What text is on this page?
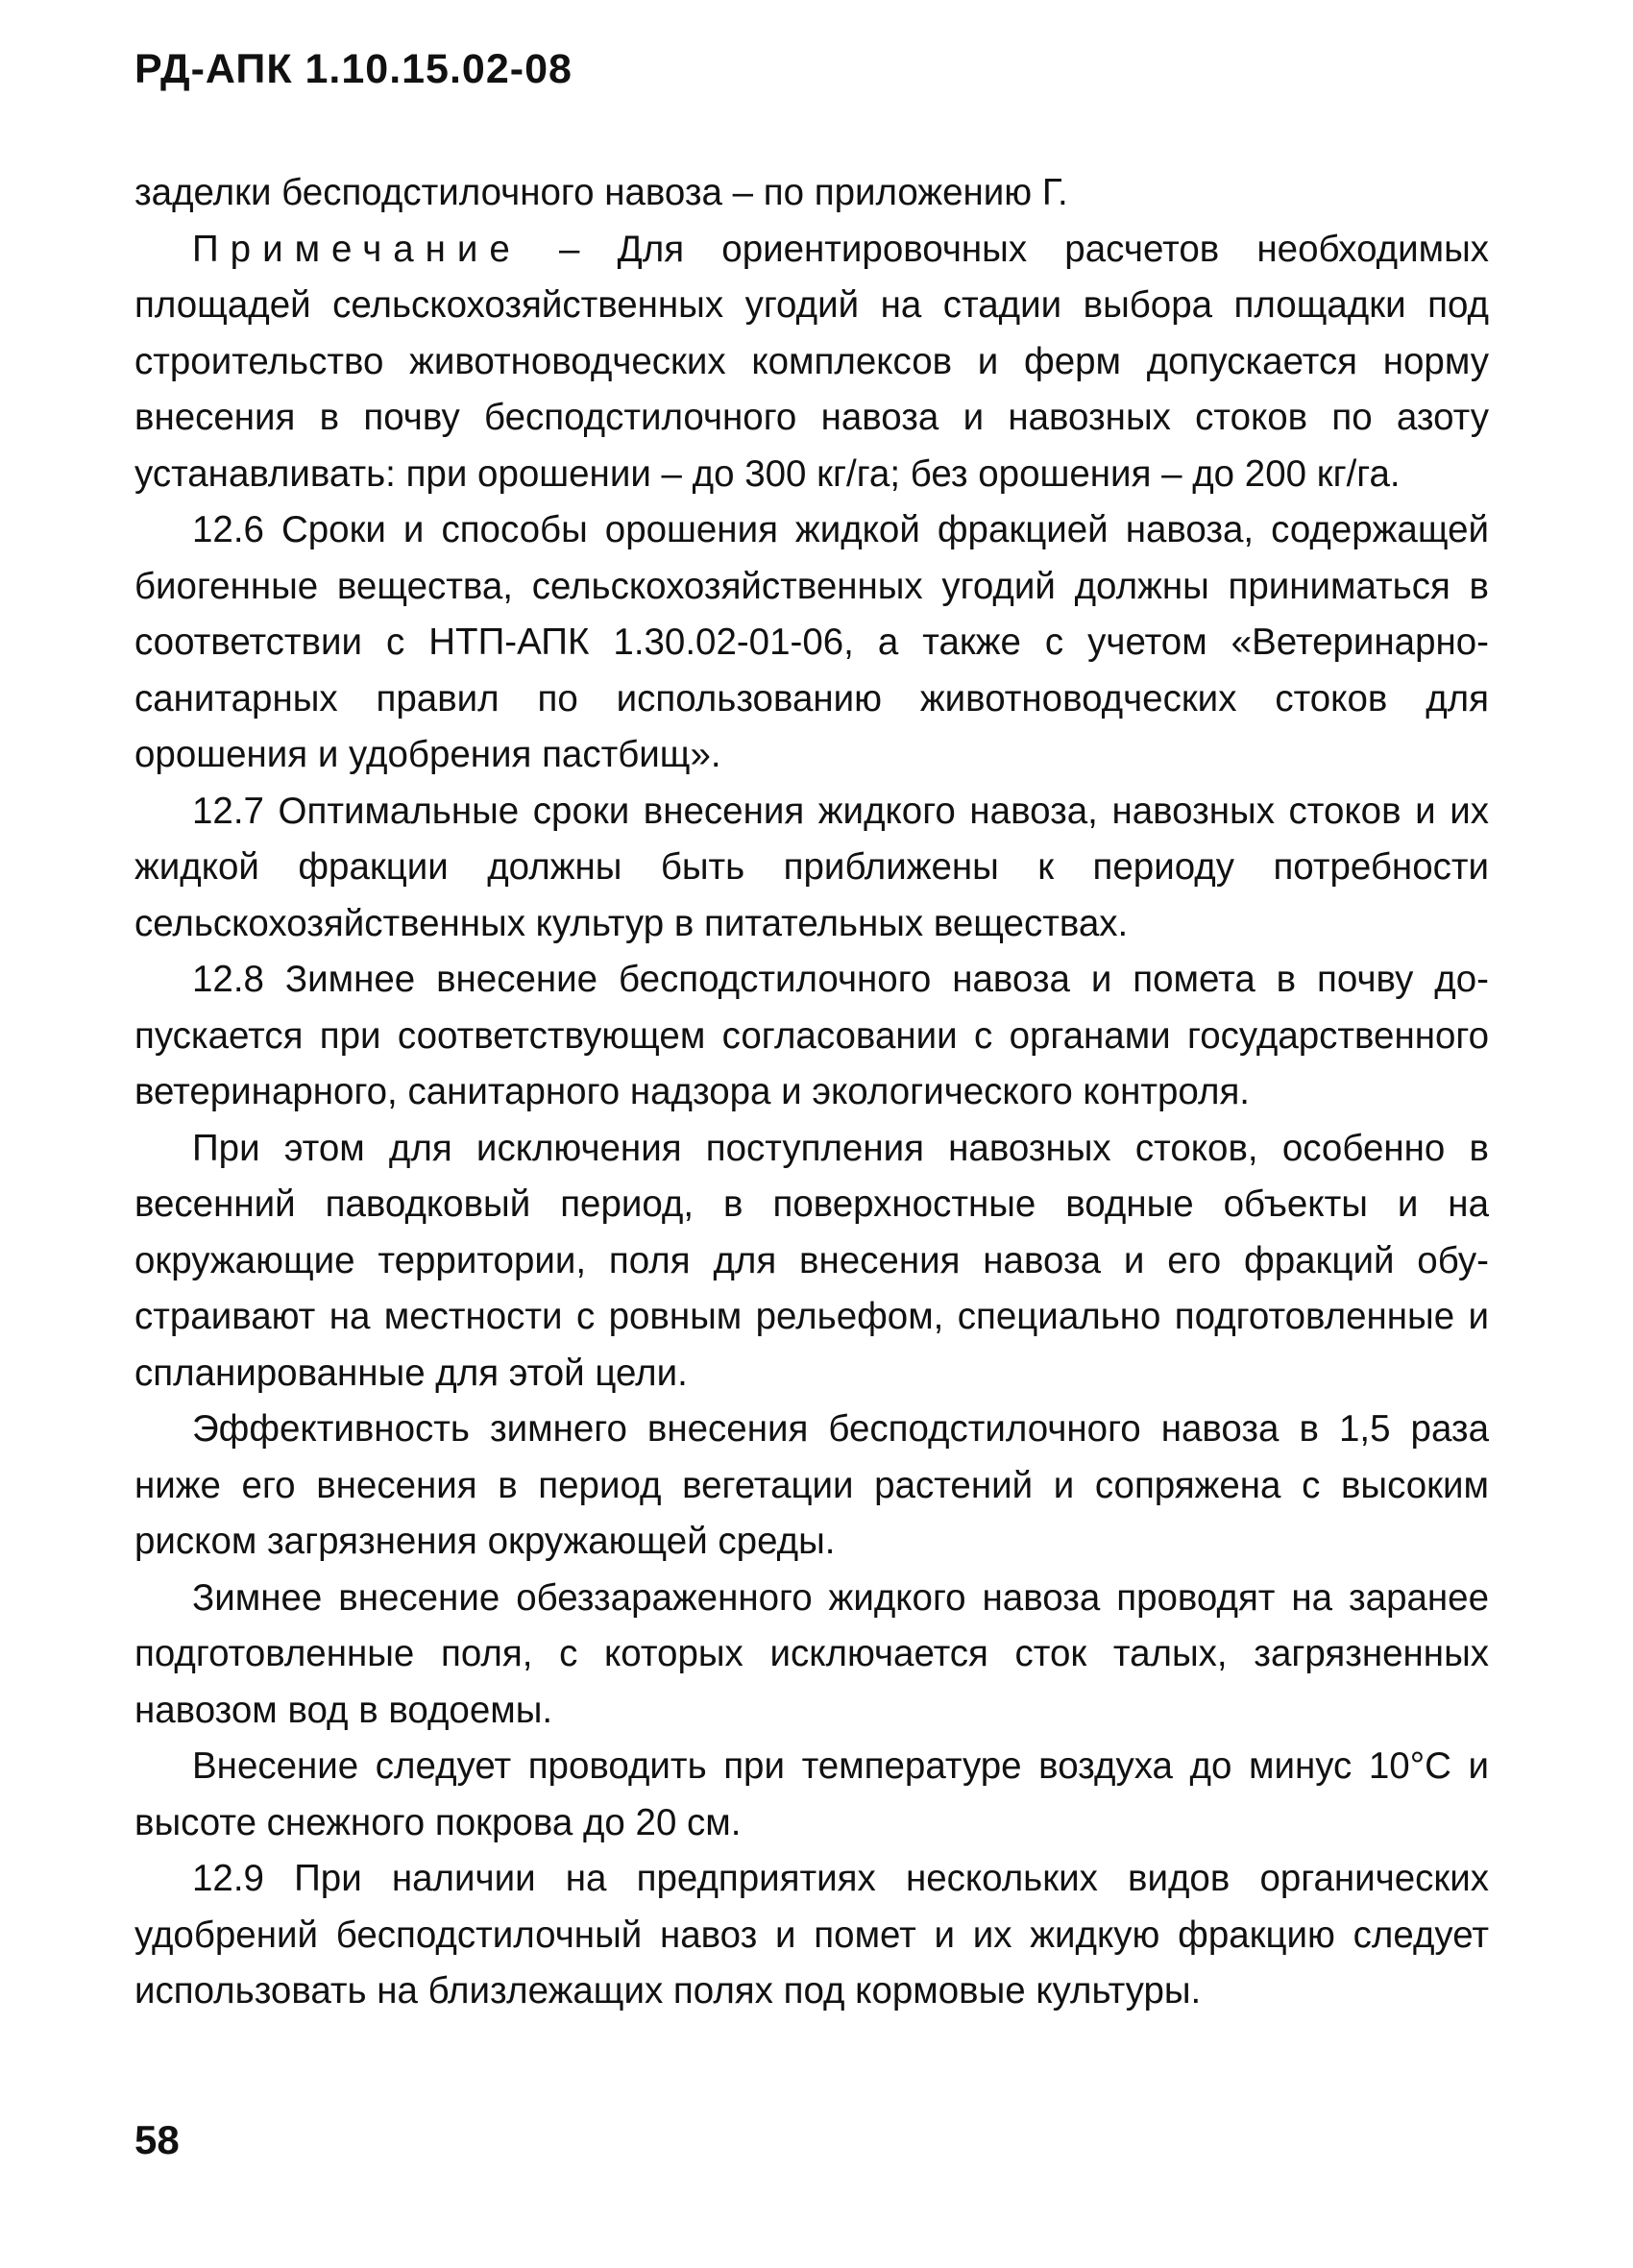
РД-АПК 1.10.15.02-08

заделки бесподстилочного навоза – по приложению Г.

Примечание – Для ориентировочных расчетов необходимых площадей сельскохозяйственных угодий на стадии выбора площадки под строительство животноводческих комплексов и ферм допускается норму внесения в почву бесподстилочного навоза и навозных стоков по азоту устанавливать: при орошении – до 300 кг/га; без орошения – до 200 кг/га.

12.6 Сроки и способы орошения жидкой фракцией навоза, содержащей биогенные вещества, сельскохозяйственных угодий должны приниматься в соответствии с НТП-АПК 1.30.02-01-06, а также с учетом «Ветеринарно-санитарных правил по использованию животноводческих стоков для орошения и удобрения пастбищ».

12.7 Оптимальные сроки внесения жидкого навоза, навозных стоков и их жидкой фракции должны быть приближены к периоду потребности сельскохозяйственных культур в питательных веществах.

12.8 Зимнее внесение бесподстилочного навоза и помета в почву допускается при соответствующем согласовании с органами государственного ветеринарного, санитарного надзора и экологического контроля.

При этом для исключения поступления навозных стоков, особенно в весенний паводковый период, в поверхностные водные объекты и на окружающие территории, поля для внесения навоза и его фракций обустраивают на местности с ровным рельефом, специально подготовленные и спланированные для этой цели.

Эффективность зимнего внесения бесподстилочного навоза в 1,5 раза ниже его внесения в период вегетации растений и сопряжена с высоким риском загрязнения окружающей среды.

Зимнее внесение обеззараженного жидкого навоза проводят на заранее подготовленные поля, с которых исключается сток талых, загрязненных навозом вод в водоемы.

Внесение следует проводить при температуре воздуха до минус 10°С и высоте снежного покрова до 20 см.

12.9 При наличии на предприятиях нескольких видов органических удобрений бесподстилочный навоз и помет и их жидкую фракцию следует использовать на близлежащих полях под кормовые культуры.

58
